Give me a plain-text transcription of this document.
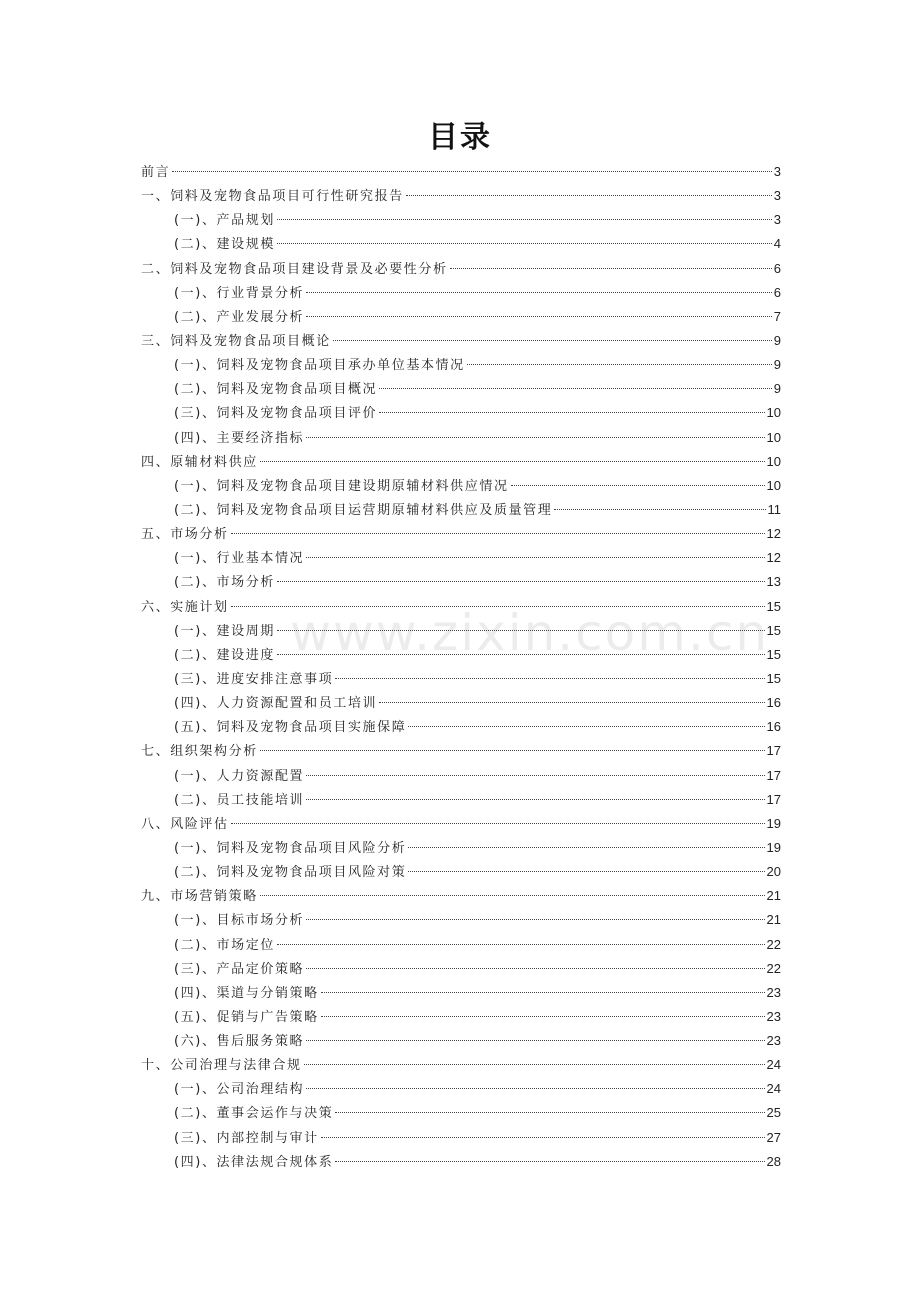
目录
www.zixin.com.cn
前言	3
一、饲料及宠物食品项目可行性研究报告	3
(一)、产品规划	3
(二)、建设规模	4
二、饲料及宠物食品项目建设背景及必要性分析	6
(一)、行业背景分析	6
(二)、产业发展分析	7
三、饲料及宠物食品项目概论	9
(一)、饲料及宠物食品项目承办单位基本情况	9
(二)、饲料及宠物食品项目概况	9
(三)、饲料及宠物食品项目评价	10
(四)、主要经济指标	10
四、原辅材料供应	10
(一)、饲料及宠物食品项目建设期原辅材料供应情况	10
(二)、饲料及宠物食品项目运营期原辅材料供应及质量管理	11
五、市场分析	12
(一)、行业基本情况	12
(二)、市场分析	13
六、实施计划	15
(一)、建设周期	15
(二)、建设进度	15
(三)、进度安排注意事项	15
(四)、人力资源配置和员工培训	16
(五)、饲料及宠物食品项目实施保障	16
七、组织架构分析	17
(一)、人力资源配置	17
(二)、员工技能培训	17
八、风险评估	19
(一)、饲料及宠物食品项目风险分析	19
(二)、饲料及宠物食品项目风险对策	20
九、市场营销策略	21
(一)、目标市场分析	21
(二)、市场定位	22
(三)、产品定价策略	22
(四)、渠道与分销策略	23
(五)、促销与广告策略	23
(六)、售后服务策略	23
十、公司治理与法律合规	24
(一)、公司治理结构	24
(二)、董事会运作与决策	25
(三)、内部控制与审计	27
(四)、法律法规合规体系	28
